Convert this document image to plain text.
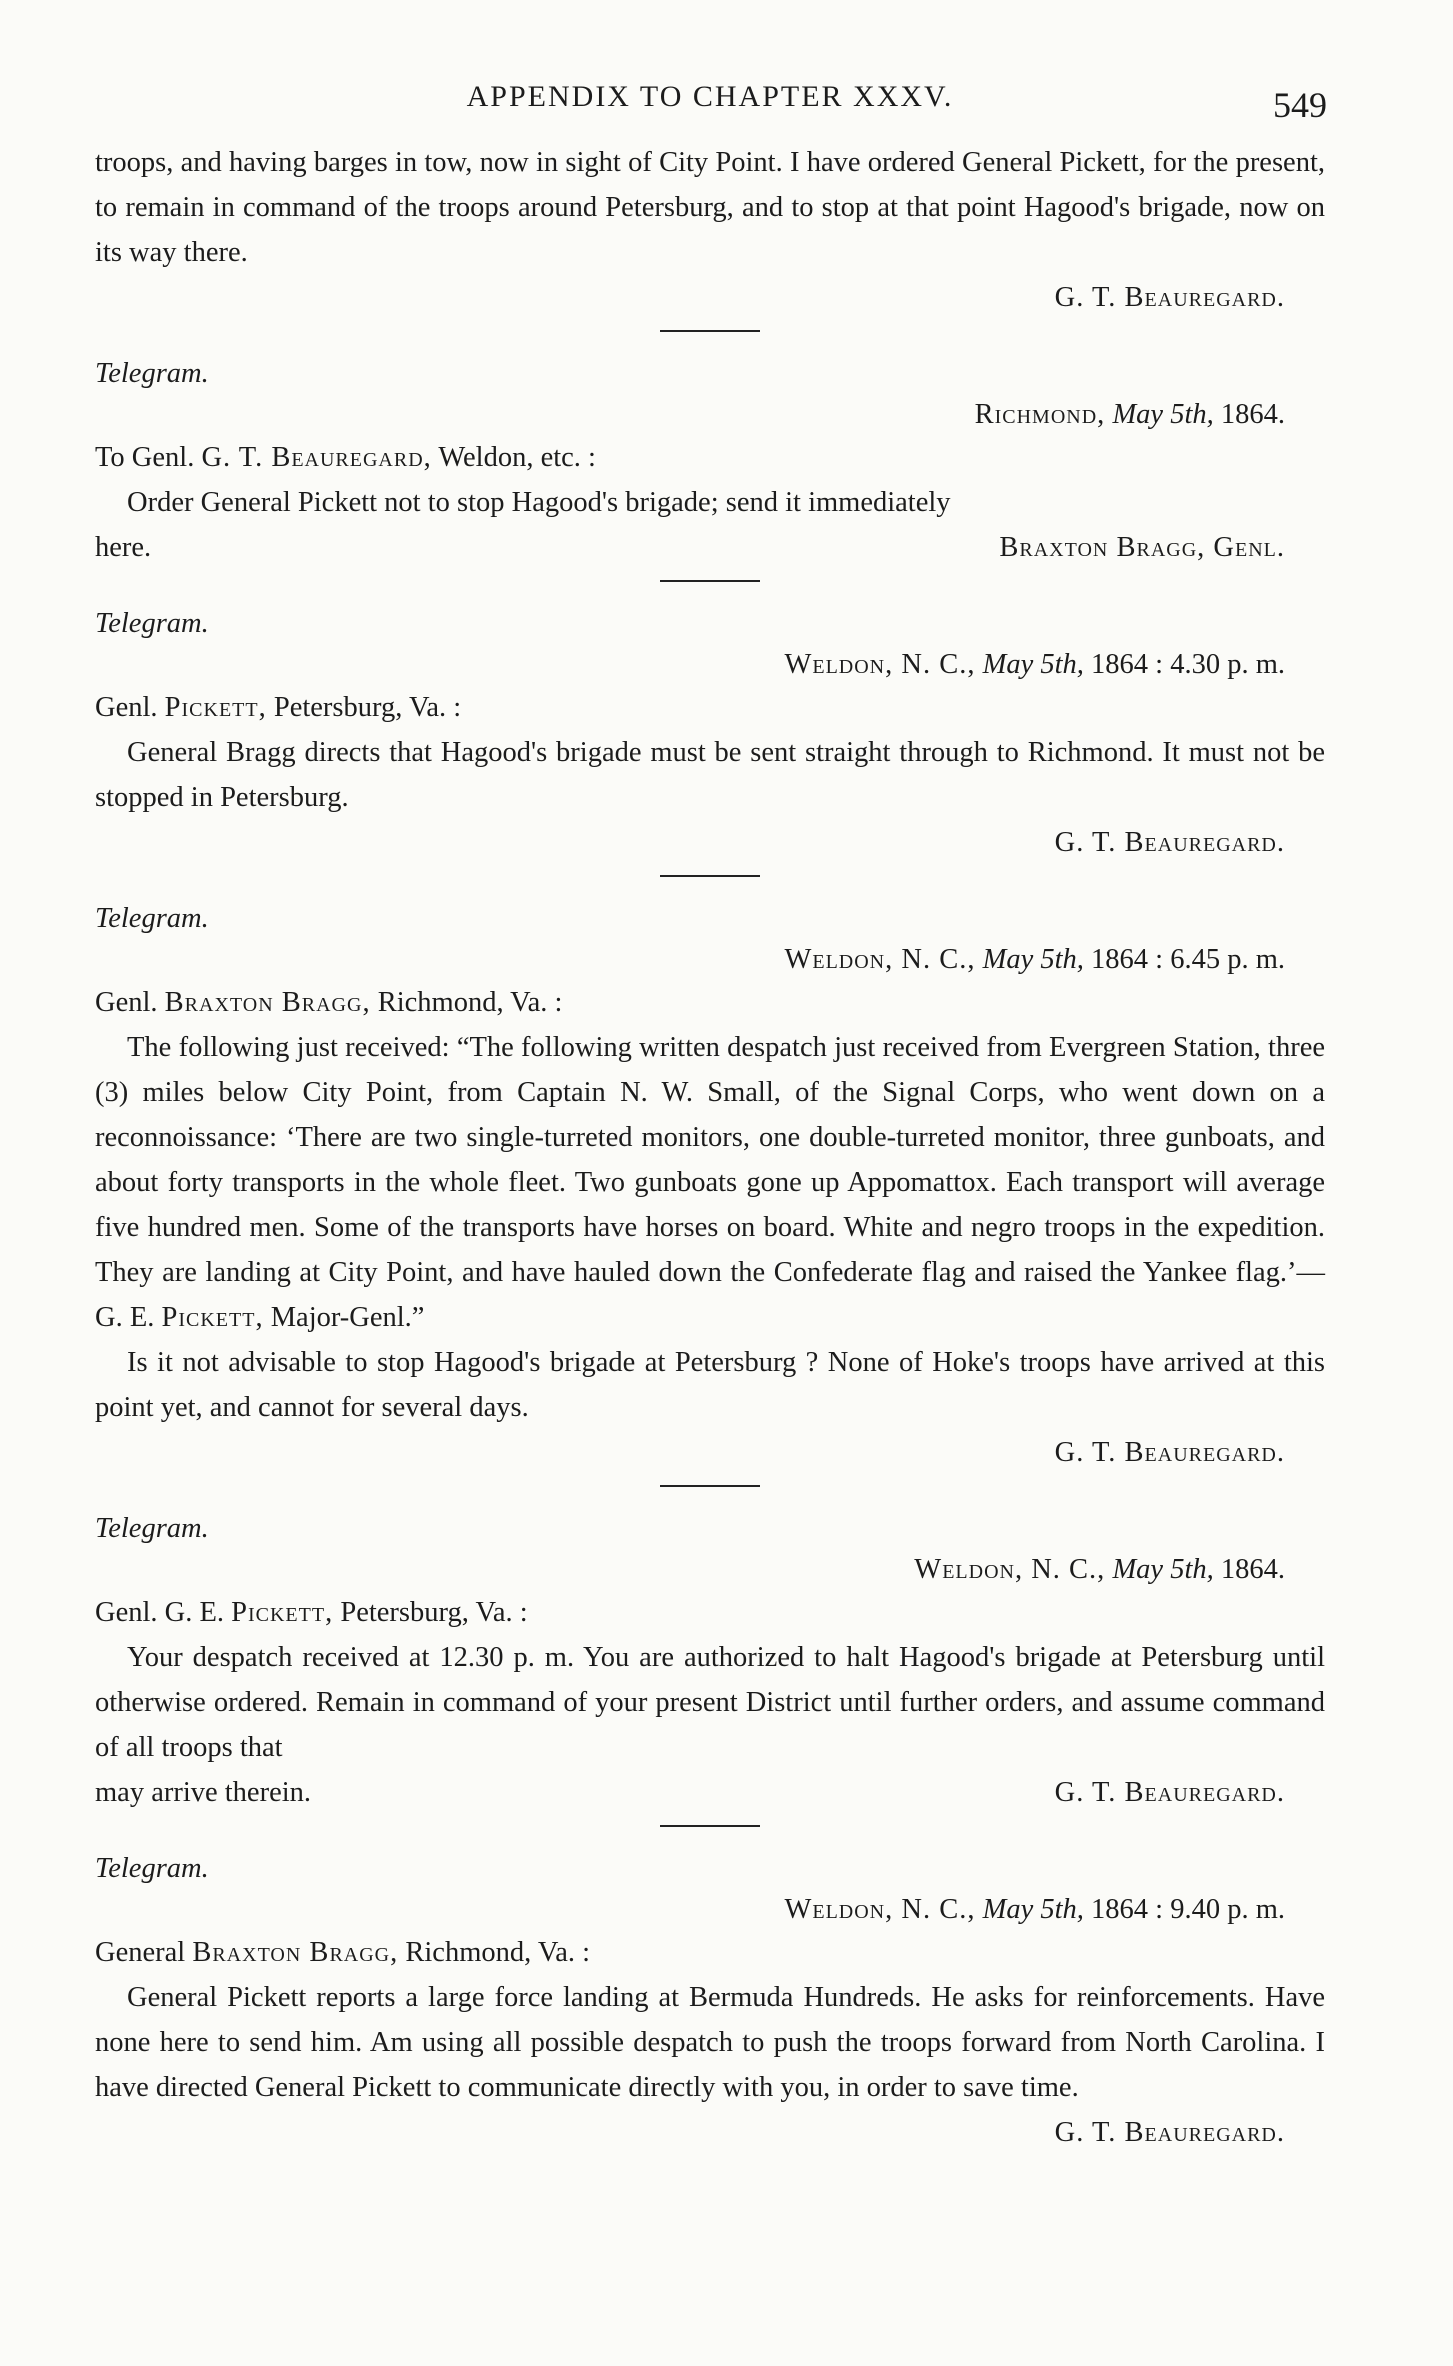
APPENDIX TO CHAPTER XXXV.	549

troops, and having barges in tow, now in sight of City Point. I have ordered General Pickett, for the present, to remain in command of the troops around Petersburg, and to stop at that point Hagood's brigade, now on its way there.

G. T. Beauregard.
Telegram.
Richmond, May 5th, 1864.
To Genl. G. T. Beauregard, Weldon, etc. :

Order General Pickett not to stop Hagood's brigade; send it immediately

here.	Braxton Bragg, Genl.
Telegram.
Weldon, N. C., May 5th, 1864 : 4.30 p. m.
Genl. Pickett, Petersburg, Va. :

General Bragg directs that Hagood's brigade must be sent straight through to Richmond. It must not be stopped in Petersburg.

G. T. Beauregard.
Telegram.
Weldon, N. C., May 5th, 1864 : 6.45 p. m.
Genl. Braxton Bragg, Richmond, Va. :

The following just received: “The following written despatch just received from Evergreen Station, three (3) miles below City Point, from Captain N. W. Small, of the Signal Corps, who went down on a reconnoissance: ‘There are two single-turreted monitors, one double-turreted monitor, three gunboats, and about forty transports in the whole fleet. Two gunboats gone up Appomattox. Each transport will average five hundred men. Some of the transports have horses on board. White and negro troops in the expedition. They are landing at City Point, and have hauled down the Confederate flag and raised the Yankee flag.’—G. E. Pickett, Major-Genl.”

Is it not advisable to stop Hagood's brigade at Petersburg ? None of Hoke's troops have arrived at this point yet, and cannot for several days.

G. T. Beauregard.
Telegram.
Weldon, N. C., May 5th, 1864.
Genl. G. E. Pickett, Petersburg, Va. :

Your despatch received at 12.30 p. m. You are authorized to halt Hagood's brigade at Petersburg until otherwise ordered. Remain in command of your present District until further orders, and assume command of all troops that

may arrive therein.	G. T. Beauregard.
Telegram.
Weldon, N. C., May 5th, 1864 : 9.40 p. m.
General Braxton Bragg, Richmond, Va. :

General Pickett reports a large force landing at Bermuda Hundreds. He asks for reinforcements. Have none here to send him. Am using all possible despatch to push the troops forward from North Carolina. I have directed General Pickett to communicate directly with you, in order to save time.

G. T. Beauregard.
